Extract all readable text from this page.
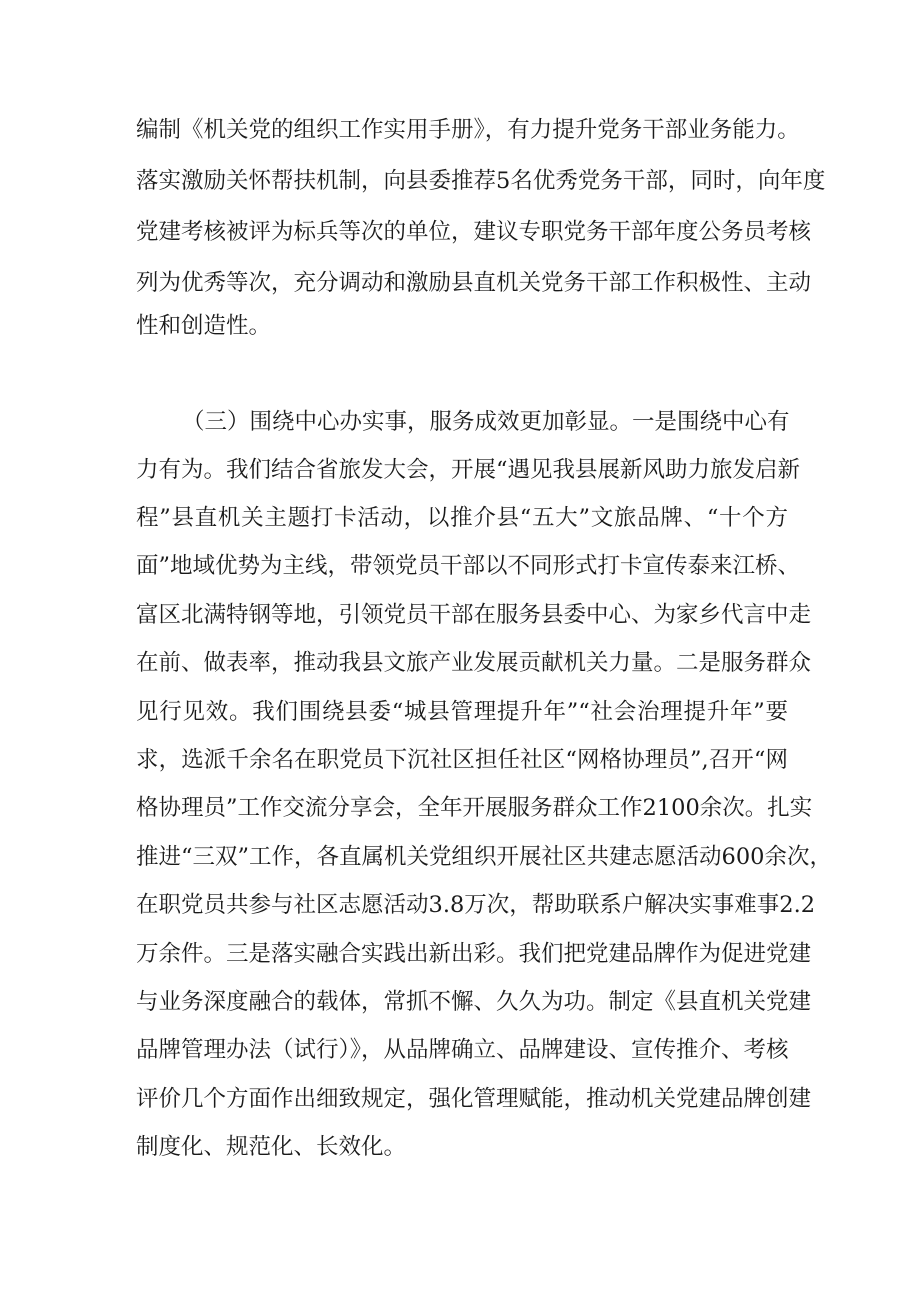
编制《机关党的组织工作实用手册》，有力提升党务干部业务能力。
落实激励关怀帮扶机制，向县委推荐5名优秀党务干部，同时，向年度
党建考核被评为标兵等次的单位，建议专职党务干部年度公务员考核
列为优秀等次，充分调动和激励县直机关党务干部工作积极性、主动
性和创造性。
（三）围绕中心办实事，服务成效更加彰显。一是围绕中心有
力有为。我们结合省旅发大会，开展“遇见我县展新风助力旅发启新
程”县直机关主题打卡活动，以推介县“五大”文旅品牌、“十个方
面”地域优势为主线，带领党员干部以不同形式打卡宣传泰来江桥、
富区北满特钢等地，引领党员干部在服务县委中心、为家乡代言中走
在前、做表率，推动我县文旅产业发展贡献机关力量。二是服务群众
见行见效。我们围绕县委“城县管理提升年”“社会治理提升年”要
求，选派千余名在职党员下沉社区担任社区“网格协理员”,召开“网
格协理员”工作交流分享会，全年开展服务群众工作2100余次。扎实
推进“三双”工作，各直属机关党组织开展社区共建志愿活动600余次，
在职党员共参与社区志愿活动3.8万次，帮助联系户解决实事难事2.2
万余件。三是落实融合实践出新出彩。我们把党建品牌作为促进党建
与业务深度融合的载体，常抓不懈、久久为功。制定《县直机关党建
品牌管理办法（试行）》，从品牌确立、品牌建设、宣传推介、考核
评价几个方面作出细致规定，强化管理赋能，推动机关党建品牌创建
制度化、规范化、长效化。
